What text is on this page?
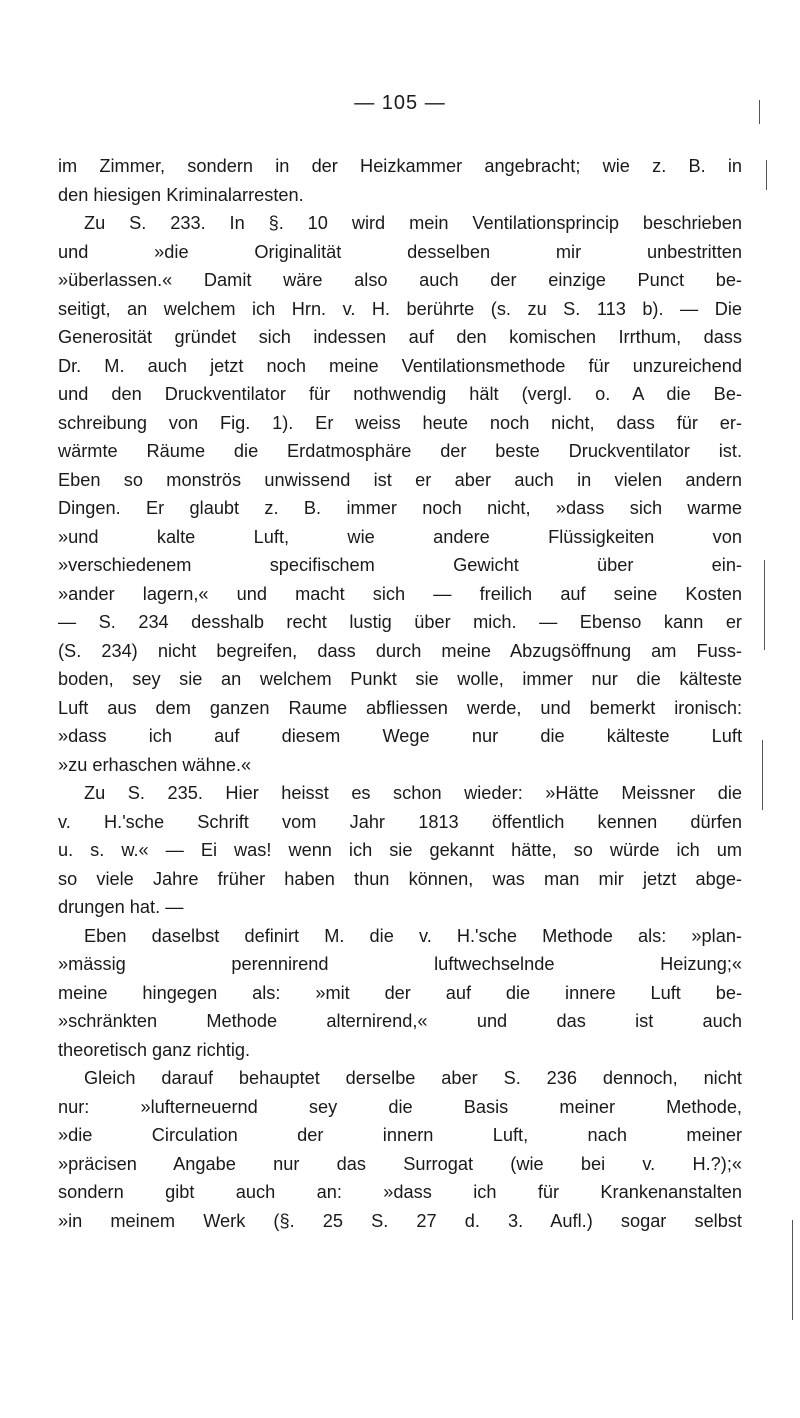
— 105 —
im Zimmer, sondern in der Heizkammer angebracht; wie z. B. in
den hiesigen Kriminalarresten.
Zu S. 233. In §. 10 wird mein Ventilationsprincip beschrieben
und »die Originalität desselben mir unbestritten
»überlassen.« Damit wäre also auch der einzige Punct be-
seitigt, an welchem ich Hrn. v. H. berührte (s. zu S. 113 b). — Die
Generosität gründet sich indessen auf den komischen Irrthum, dass
Dr. M. auch jetzt noch meine Ventilationsmethode für unzureichend
und den Druckventilator für nothwendig hält (vergl. o. A die Be-
schreibung von Fig. 1). Er weiss heute noch nicht, dass für er-
wärmte Räume die Erdatmosphäre der beste Druckventilator ist.
Eben so monströs unwissend ist er aber auch in vielen andern
Dingen. Er glaubt z. B. immer noch nicht, »dass sich warme
»und kalte Luft, wie andere Flüssigkeiten von
»verschiedenem specifischem Gewicht über ein-
»ander lagern,« und macht sich — freilich auf seine Kosten
— S. 234 desshalb recht lustig über mich. — Ebenso kann er
(S. 234) nicht begreifen, dass durch meine Abzugsöffnung am Fuss-
boden, sey sie an welchem Punkt sie wolle, immer nur die kälteste
Luft aus dem ganzen Raume abfliessen werde, und bemerkt ironisch:
»dass ich auf diesem Wege nur die kälteste Luft
»zu erhaschen wähne.«
Zu S. 235. Hier heisst es schon wieder: »Hätte Meissner die
v. H.'sche Schrift vom Jahr 1813 öffentlich kennen dürfen
u. s. w.« — Ei was! wenn ich sie gekannt hätte, so würde ich um
so viele Jahre früher haben thun können, was man mir jetzt abge-
drungen hat. —
Eben daselbst definirt M. die v. H.'sche Methode als: »plan-
»mässig perennirend luftwechselnde Heizung;«
meine hingegen als: »mit der auf die innere Luft be-
»schränkten Methode alternirend,« und das ist auch
theoretisch ganz richtig.
Gleich darauf behauptet derselbe aber S. 236 dennoch, nicht
nur: »lufterneuernd sey die Basis meiner Methode,
»die Circulation der innern Luft, nach meiner
»präcisen Angabe nur das Surrogat (wie bei v. H.?);«
sondern gibt auch an: »dass ich für Krankenanstalten
»in meinem Werk (§. 25 S. 27 d. 3. Aufl.) sogar selbst
